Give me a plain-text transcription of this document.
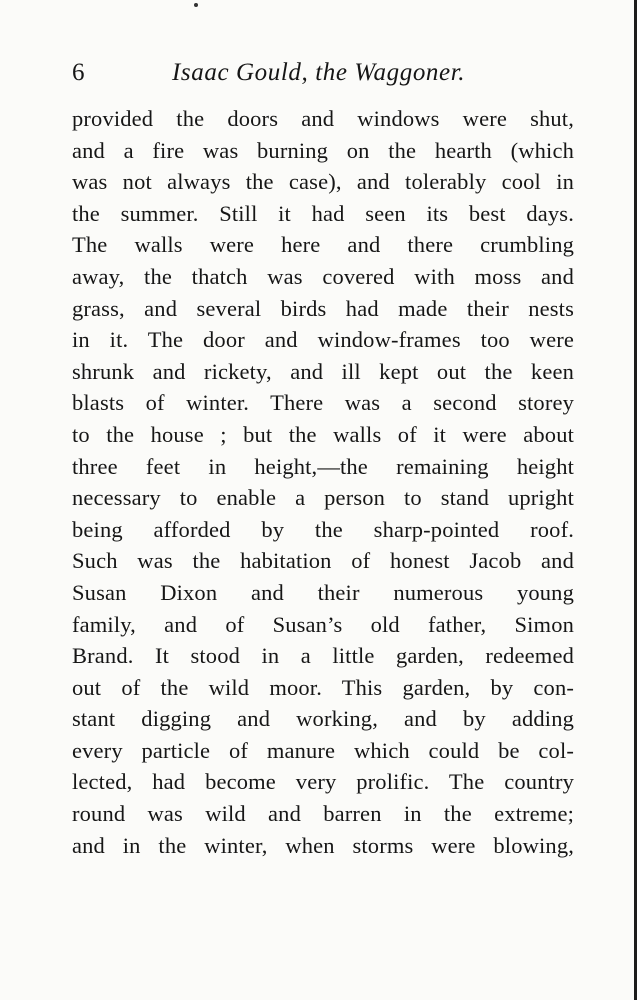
6	Isaac Gould, the Waggoner.
provided the doors and windows were shut,
and a fire was burning on the hearth (which
was not always the case), and tolerably cool in
the summer. Still it had seen its best days.
The walls were here and there crumbling
away, the thatch was covered with moss and
grass, and several birds had made their nests
in it. The door and window-frames too were
shrunk and rickety, and ill kept out the keen
blasts of winter. There was a second storey
to the house ; but the walls of it were about
three feet in height,—the remaining height
necessary to enable a person to stand upright
being afforded by the sharp-pointed roof.
Such was the habitation of honest Jacob and
Susan Dixon and their numerous young
family, and of Susan’s old father, Simon
Brand. It stood in a little garden, redeemed
out of the wild moor. This garden, by con-
stant digging and working, and by adding
every particle of manure which could be col-
lected, had become very prolific. The country
round was wild and barren in the extreme;
and in the winter, when storms were blowing,
